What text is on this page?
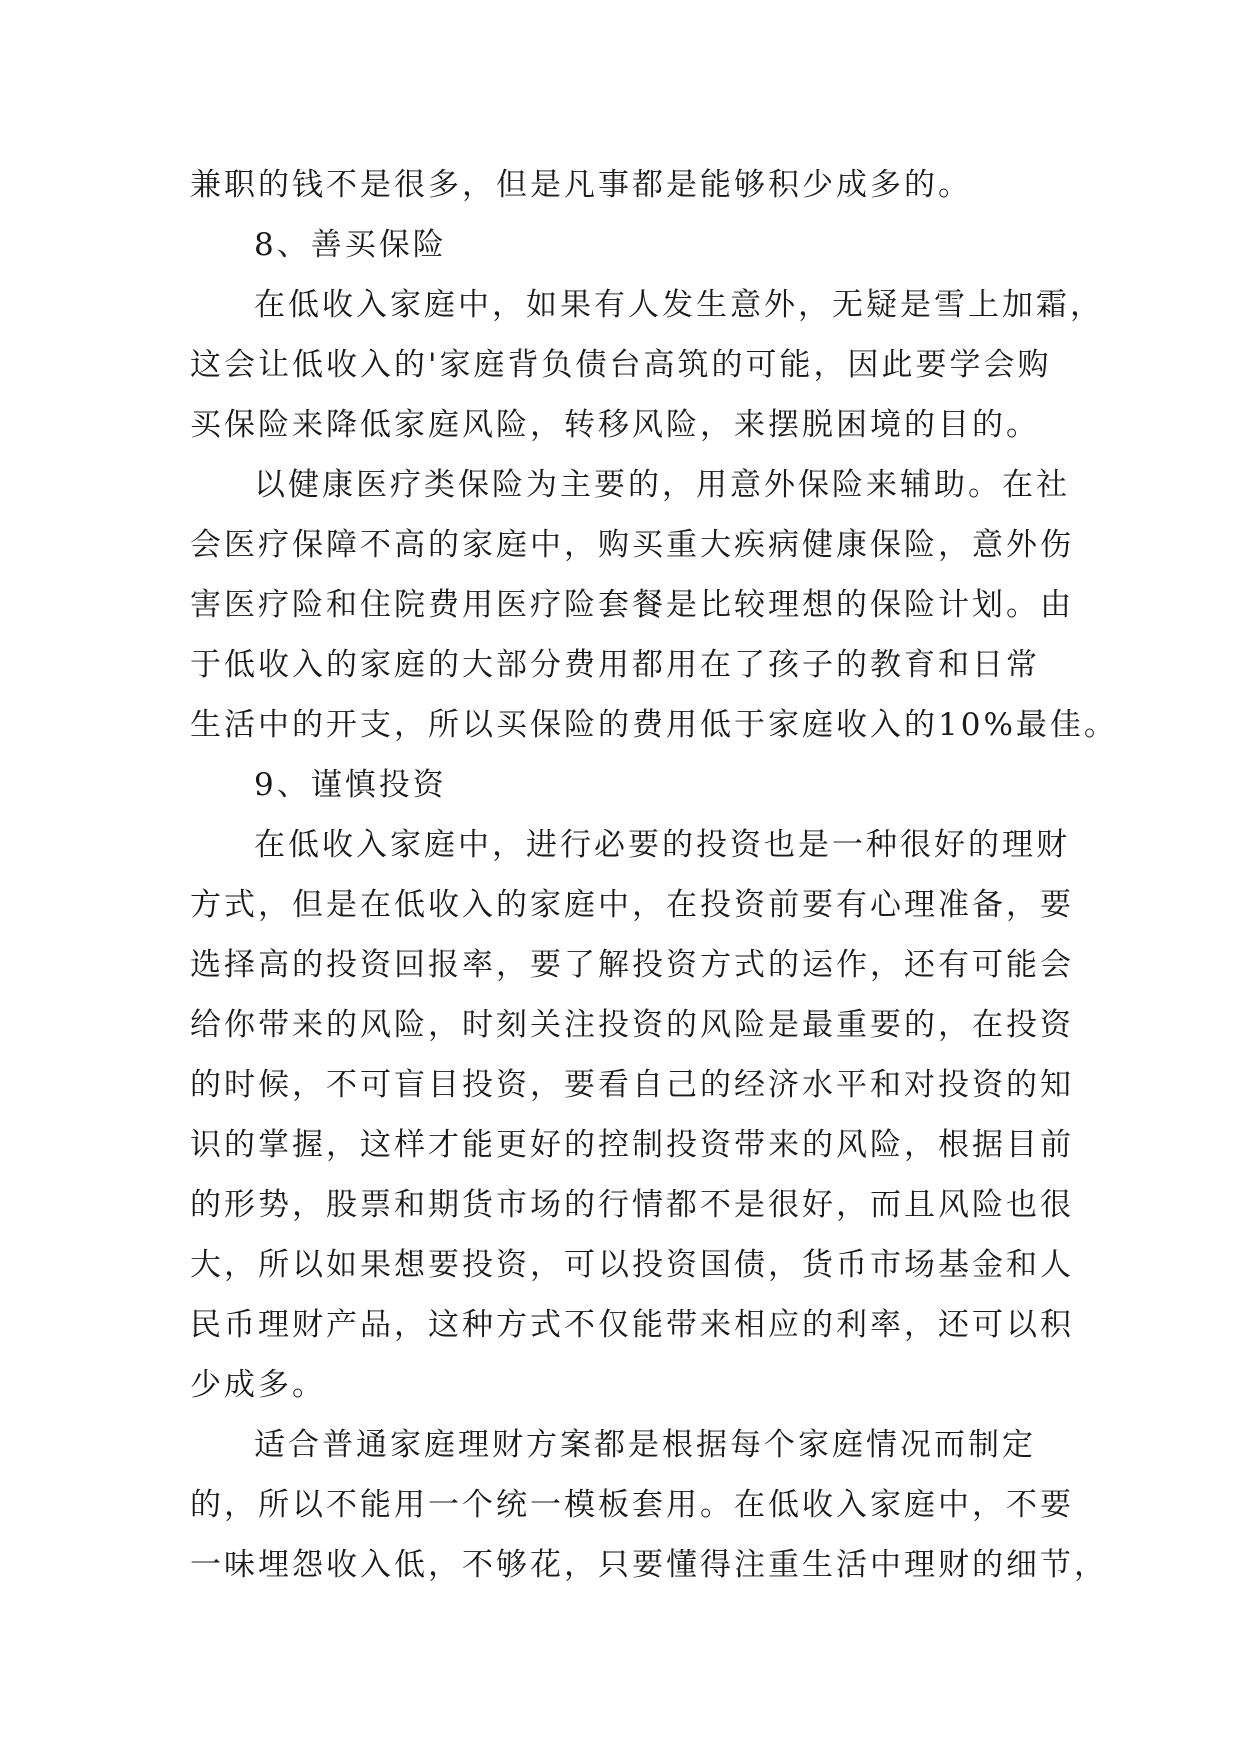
兼职的钱不是很多，但是凡事都是能够积少成多的。
8、善买保险
在低收入家庭中，如果有人发生意外，无疑是雪上加霜，
这会让低收入的'家庭背负债台高筑的可能，因此要学会购
买保险来降低家庭风险，转移风险，来摆脱困境的目的。
以健康医疗类保险为主要的，用意外保险来辅助。在社
会医疗保障不高的家庭中，购买重大疾病健康保险，意外伤
害医疗险和住院费用医疗险套餐是比较理想的保险计划。由
于低收入的家庭的大部分费用都用在了孩子的教育和日常
生活中的开支，所以买保险的费用低于家庭收入的10%最佳。
9、谨慎投资
在低收入家庭中，进行必要的投资也是一种很好的理财
方式，但是在低收入的家庭中，在投资前要有心理准备，要
选择高的投资回报率，要了解投资方式的运作，还有可能会
给你带来的风险，时刻关注投资的风险是最重要的，在投资
的时候，不可盲目投资，要看自己的经济水平和对投资的知
识的掌握，这样才能更好的控制投资带来的风险，根据目前
的形势，股票和期货市场的行情都不是很好，而且风险也很
大，所以如果想要投资，可以投资国债，货币市场基金和人
民币理财产品，这种方式不仅能带来相应的利率，还可以积
少成多。
适合普通家庭理财方案都是根据每个家庭情况而制定
的，所以不能用一个统一模板套用。在低收入家庭中，不要
一味埋怨收入低，不够花，只要懂得注重生活中理财的细节，
